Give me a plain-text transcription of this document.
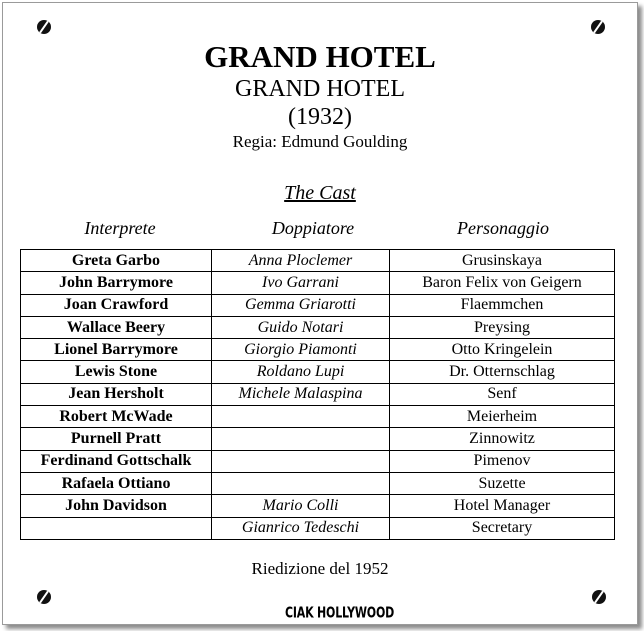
GRAND HOTEL
GRAND HOTEL
(1932)
Regia: Edmund Goulding
The Cast
Interprete	Doppiatore	Personaggio
Greta Garbo	Anna Ploclemer	Grusinskaya
John Barrymore	Ivo Garrani	Baron Felix von Geigern
Joan Crawford	Gemma Griarotti	Flaemmchen
Wallace Beery	Guido Notari	Preysing
Lionel Barrymore	Giorgio Piamonti	Otto Kringelein
Lewis Stone	Roldano Lupi	Dr. Otternschlag
Jean Hersholt	Michele Malaspina	Senf
Robert McWade		Meierheim
Purnell Pratt		Zinnowitz
Ferdinand Gottschalk		Pimenov
Rafaela Ottiano		Suzette
John Davidson	Mario Colli	Hotel Manager
	Gianrico Tedeschi	Secretary
Riedizione del 1952
CIAK HOLLYWOOD
